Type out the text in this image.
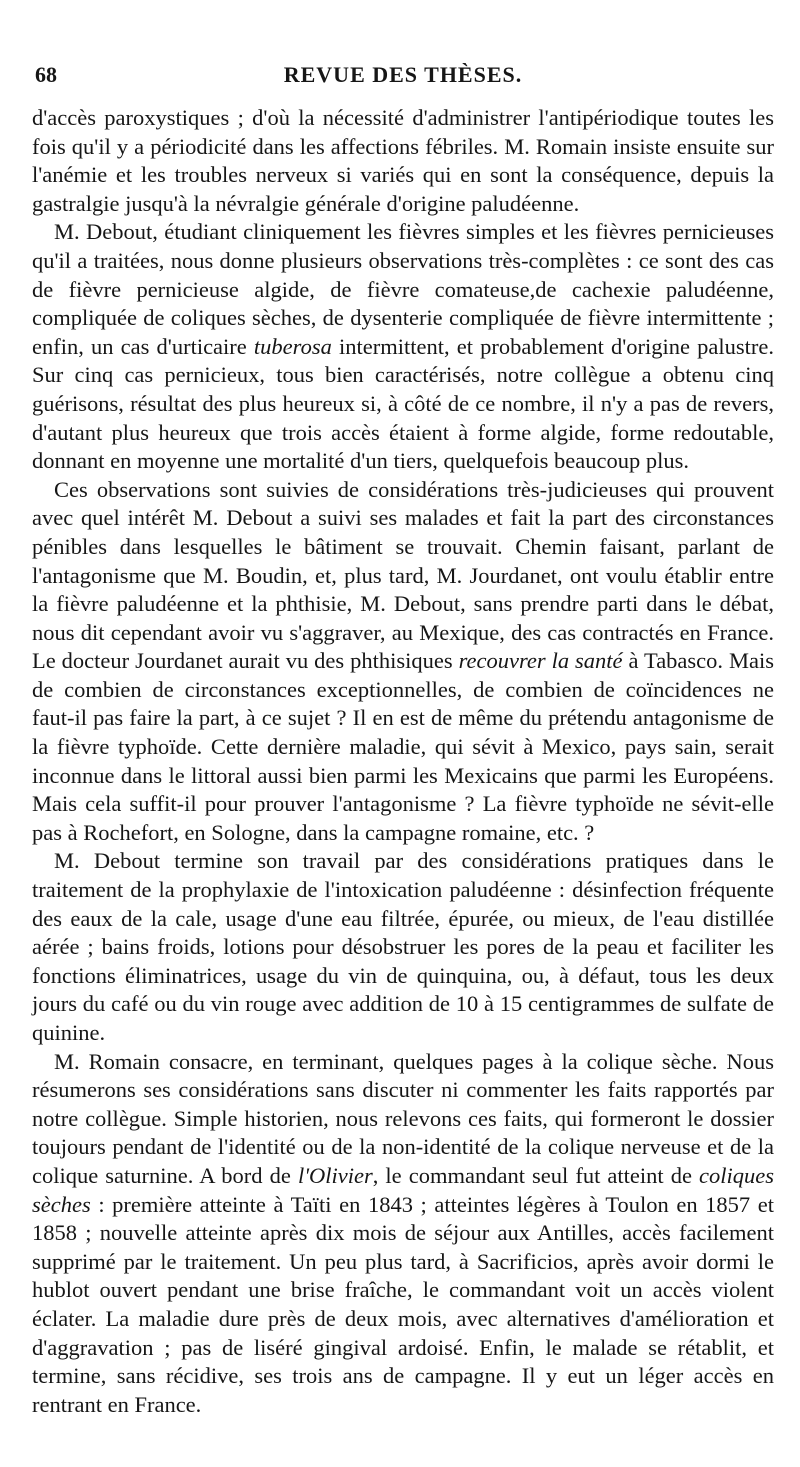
68	REVUE DES THÈSES.

d'accès paroxystiques ; d'où la nécessité d'administrer l'antipériodique toutes les fois qu'il y a périodicité dans les affections fébriles. M. Romain insiste ensuite sur l'anémie et les troubles nerveux si variés qui en sont la conséquence, depuis la gastralgie jusqu'à la névralgie générale d'origine paludéenne.

M. Debout, étudiant cliniquement les fièvres simples et les fièvres pernicieuses qu'il a traitées, nous donne plusieurs observations très-complètes : ce sont des cas de fièvre pernicieuse algide, de fièvre comateuse,de cachexie paludéenne, compliquée de coliques sèches, de dysenterie compliquée de fièvre intermittente ; enfin, un cas d'urticaire tuberosa intermittent, et probablement d'origine palustre. Sur cinq cas pernicieux, tous bien caractérisés, notre collègue a obtenu cinq guérisons, résultat des plus heureux si, à côté de ce nombre, il n'y a pas de revers, d'autant plus heureux que trois accès étaient à forme algide, forme redoutable, donnant en moyenne une mortalité d'un tiers, quelquefois beaucoup plus.

Ces observations sont suivies de considérations très-judicieuses qui prouvent avec quel intérêt M. Debout a suivi ses malades et fait la part des circonstances pénibles dans lesquelles le bâtiment se trouvait. Chemin faisant, parlant de l'antagonisme que M. Boudin, et, plus tard, M. Jourdanet, ont voulu établir entre la fièvre paludéenne et la phthisie, M. Debout, sans prendre parti dans le débat, nous dit cependant avoir vu s'aggraver, au Mexique, des cas contractés en France. Le docteur Jourdanet aurait vu des phthisiques recouvrer la santé à Tabasco. Mais de combien de circonstances exceptionnelles, de combien de coïncidences ne faut-il pas faire la part, à ce sujet ? Il en est de même du prétendu antagonisme de la fièvre typhoïde. Cette dernière maladie, qui sévit à Mexico, pays sain, serait inconnue dans le littoral aussi bien parmi les Mexicains que parmi les Européens. Mais cela suffit-il pour prouver l'antagonisme ? La fièvre typhoïde ne sévit-elle pas à Rochefort, en Sologne, dans la campagne romaine, etc. ?

M. Debout termine son travail par des considérations pratiques dans le traitement de la prophylaxie de l'intoxication paludéenne : désinfection fréquente des eaux de la cale, usage d'une eau filtrée, épurée, ou mieux, de l'eau distillée aérée ; bains froids, lotions pour désobstruer les pores de la peau et faciliter les fonctions éliminatrices, usage du vin de quinquina, ou, à défaut, tous les deux jours du café ou du vin rouge avec addition de 10 à 15 centigrammes de sulfate de quinine.

M. Romain consacre, en terminant, quelques pages à la colique sèche. Nous résumerons ses considérations sans discuter ni commenter les faits rapportés par notre collègue. Simple historien, nous relevons ces faits, qui formeront le dossier toujours pendant de l'identité ou de la non-identité de la colique nerveuse et de la colique saturnine. A bord de l'Olivier, le commandant seul fut atteint de coliques sèches : première atteinte à Taïti en 1843 ; atteintes légères à Toulon en 1857 et 1858 ; nouvelle atteinte après dix mois de séjour aux Antilles, accès facilement supprimé par le traitement. Un peu plus tard, à Sacrificios, après avoir dormi le hublot ouvert pendant une brise fraîche, le commandant voit un accès violent éclater. La maladie dure près de deux mois, avec alternatives d'amélioration et d'aggravation ; pas de liséré gingival ardoisé. Enfin, le malade se rétablit, et termine, sans récidive, ses trois ans de campagne. Il y eut un léger accès en rentrant en France.
